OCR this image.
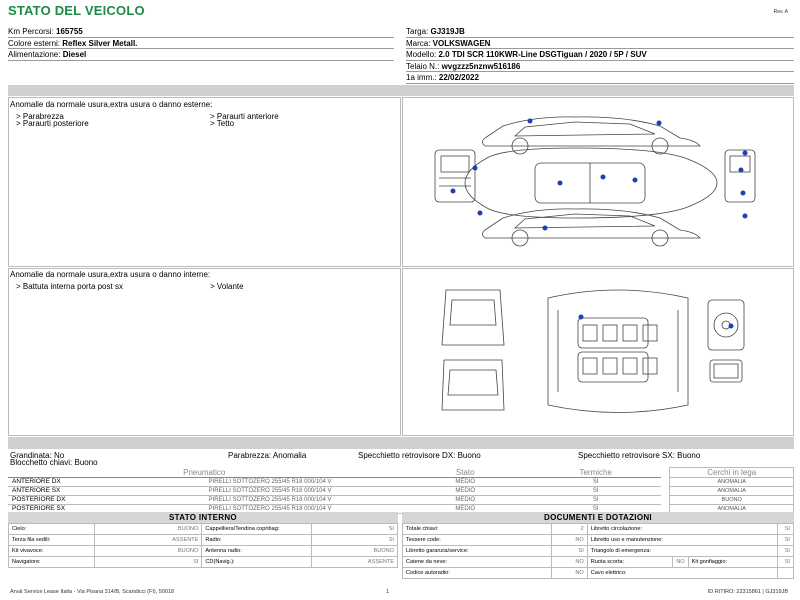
STATO DEL VEICOLO	Rev. A
Km Percorsi: 165755
Colore esterni: Reflex Silver Metall.
Alimentazione: Diesel
Targa: GJ319JB
Marca: VOLKSWAGEN
Modello: 2.0 TDI SCR 110KWR-Line DSGTiguan / 2020 / 5P / SUV
Telaio N.: wvgzzz5nznw516186
1a imm.: 22/02/2022
Anomalie da normale usura,extra usura o danno esterne:
> Parabrezza	> Paraurti anteriore
> Paraurti posteriore	> Tetto
Anomalie da normale usura,extra usura o danno interne:
> Battuta interna porta post sx	> Volante
Grandinata: No	Parabrezza: Anomalia	Specchietto retrovisore DX: Buono	Specchietto retrovisore SX: Buono
Blocchetto chiavi: Buono
Pneumatico		Stato	Termiche		Cerchi in lega
ANTERIORE DX	PIRELLI SOTTOZERO 255/45 R18 000/104 V	MEDIO	SI		ANOMALIA
ANTERIORE SX	PIRELLI SOTTOZERO 255/45 R18 000/104 V	MEDIO	SI		ANOMALIA
POSTERIORE DX	PIRELLI SOTTOZERO 255/45 R18 000/104 V	MEDIO	SI		BUONO
POSTERIORE SX	PIRELLI SOTTOZERO 255/45 R18 000/104 V	MEDIO	SI		ANOMALIA
STATO INTERNO
Cielo:	BUONO	Cappelliera/Tendina copribag:	SI
Terza fila sedili:	ASSENTE	Radio:	SI
Kit vivavoce:	BUONO	Antenna radio:	BUONO
Navigatore:	SI	CD(Navig.):	ASSENTE
DOCUMENTI E DOTAZIONI
Totale chiavi:	2	Libretto circolazione:			SI
Tessere code:	NO	Libretto uso e manutenzione:			SI
Libretto garanzia/service:	SI	Triangolo di emergenza:			SI
Catene da neve:	NO	Ruota scorta:	NO	Kit gonfiaggio:	SI
Codice autoradio:	NO	Cavo elettrico:			
Arval Service Lease Italia - Via Pisana 314/B, Scandicci (FI), 50018	1	ID RITIRO: 22315861 | GJ319JB
